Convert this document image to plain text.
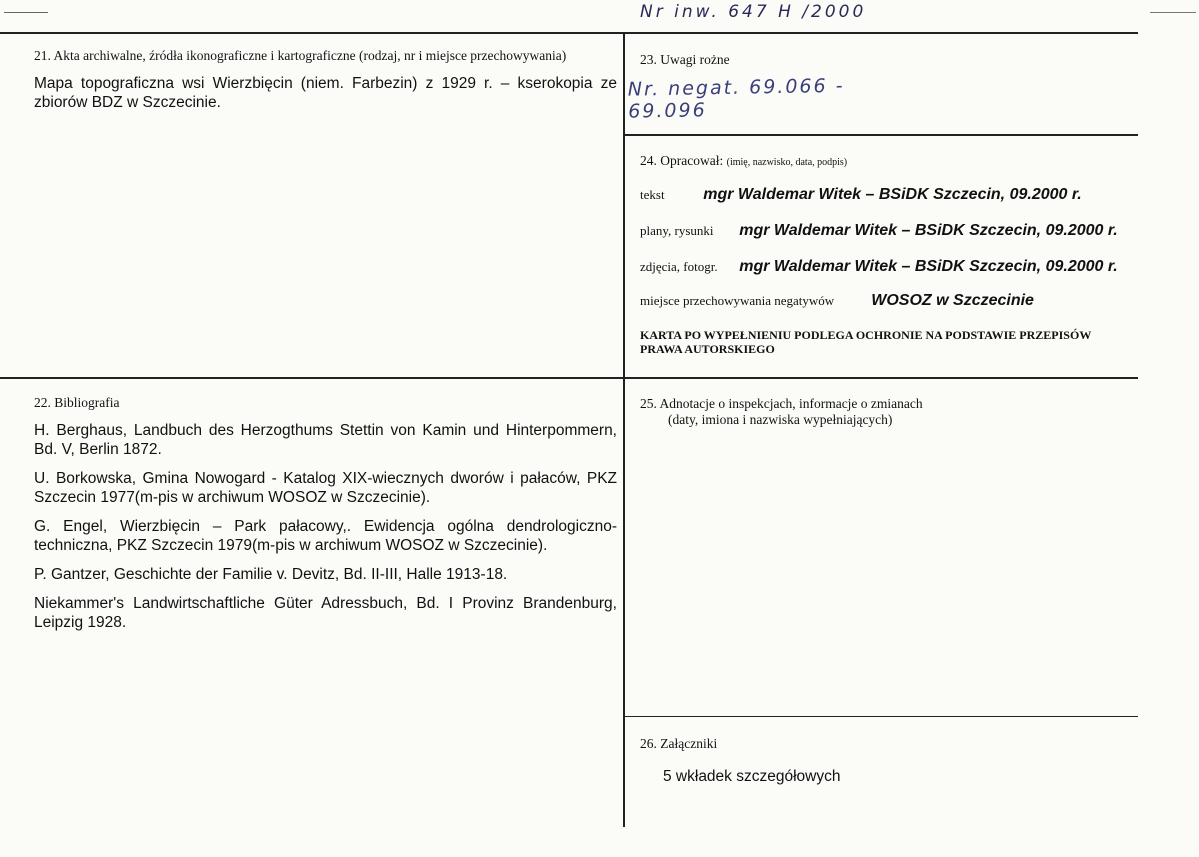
Nr inw. 647 H /2000
21. Akta archiwalne, źródła ikonograficzne i kartograficzne (rodzaj, nr i miejsce przechowywania)
Mapa topograficzna wsi Wierzbięcin (niem. Farbezin) z 1929 r. – kserokopia ze zbiorów BDZ w Szczecinie.
23. Uwagi rożne
Nr. negat. 69.066 - 69.096
24. Opracował: (imię, nazwisko, data, podpis)
tekst mgr Waldemar Witek – BSiDK Szczecin, 09.2000 r.
plany, rysunki mgr Waldemar Witek – BSiDK Szczecin, 09.2000 r.
zdjęcia, fotogr. mgr Waldemar Witek – BSiDK Szczecin, 09.2000 r.
miejsce przechowywania negatywów WOSOZ w Szczecinie
KARTA PO WYPEŁNIENIU PODLEGA OCHRONIE NA PODSTAWIE PRZEPISÓW PRAWA AUTORSKIEGO
22. Bibliografia

H. Berghaus, Landbuch des Herzogthums Stettin von Kamin und Hinterpommern, Bd. V, Berlin 1872.

U. Borkowska, Gmina Nowogard - Katalog XIX-wiecznych dworów i pałaców, PKZ Szczecin 1977(m-pis w archiwum WOSOZ w Szczecinie).

G. Engel, Wierzbięcin – Park pałacowy,. Ewidencja ogólna dendrologiczno-techniczna, PKZ Szczecin 1979(m-pis w archiwum WOSOZ w Szczecinie).

P. Gantzer, Geschichte der Familie v. Devitz, Bd. II-III, Halle 1913-18.

Niekammer's Landwirtschaftliche Güter Adressbuch, Bd. I Provinz Brandenburg, Leipzig 1928.

25. Adnotacje o inspekcjach, informacje o zmianach
(daty, imiona i nazwiska wypełniających)
26. Załączniki
5 wkładek szczegółowych
